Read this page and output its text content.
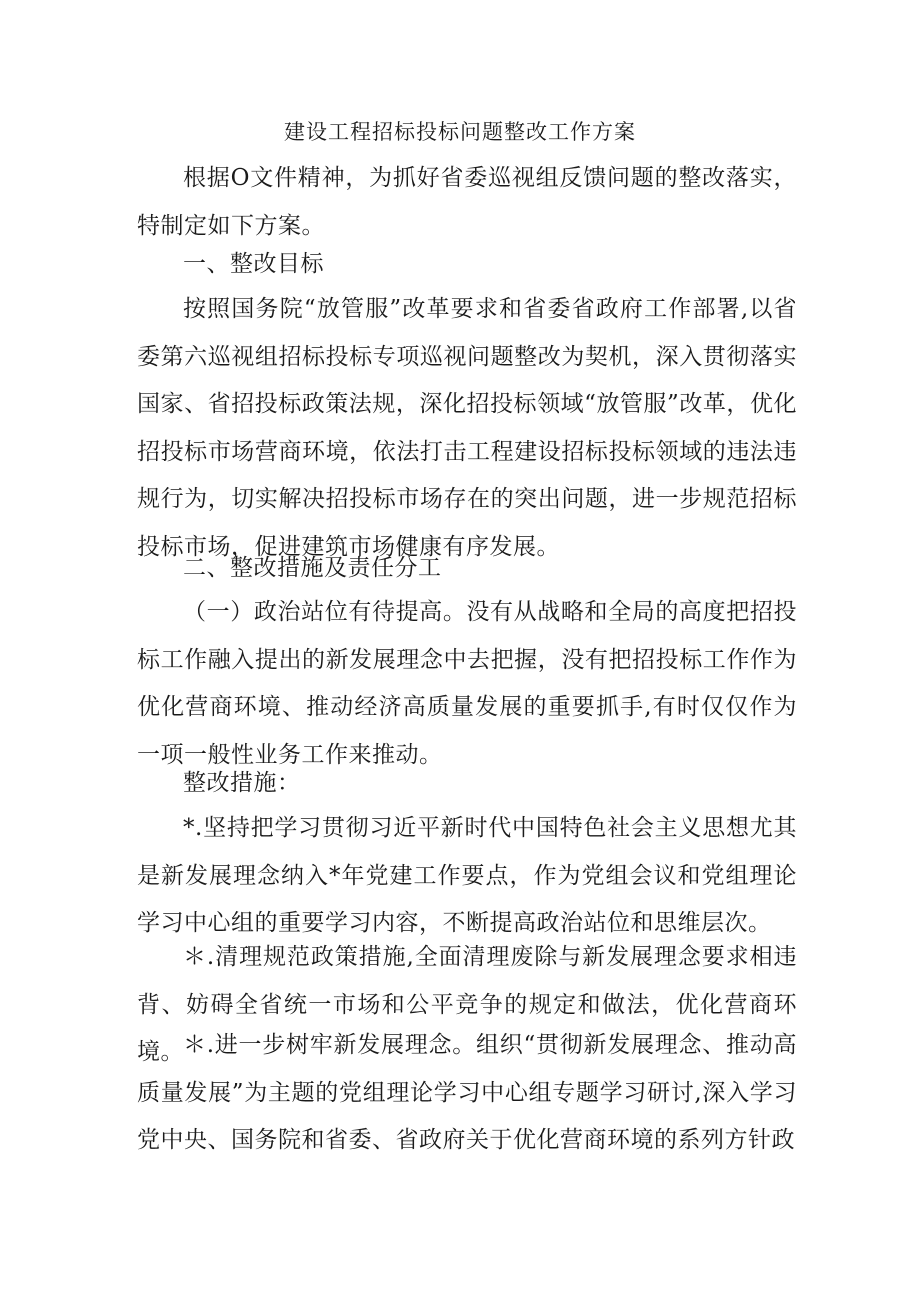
建设工程招标投标问题整改工作方案
根据O文件精神，为抓好省委巡视组反馈问题的整改落实，特制定如下方案。
一、整改目标
按照国务院“放管服”改革要求和省委省政府工作部署,以省委第六巡视组招标投标专项巡视问题整改为契机，深入贯彻落实国家、省招投标政策法规，深化招投标领域“放管服”改革，优化招投标市场营商环境，依法打击工程建设招标投标领域的违法违规行为，切实解决招投标市场存在的突出问题，进一步规范招标投标市场，促进建筑市场健康有序发展。
二、整改措施及责任分工
（一）政治站位有待提高。没有从战略和全局的高度把招投标工作融入提出的新发展理念中去把握，没有把招投标工作作为优化营商环境、推动经济高质量发展的重要抓手,有时仅仅作为一项一般性业务工作来推动。
整改措施：
*.坚持把学习贯彻习近平新时代中国特色社会主义思想尤其是新发展理念纳入*年党建工作要点，作为党组会议和党组理论学习中心组的重要学习内容，不断提高政治站位和思维层次。
＊.清理规范政策措施,全面清理废除与新发展理念要求相违背、妨碍全省统一市场和公平竞争的规定和做法，优化营商环境。 ＊.进一步树牢新发展理念。组织“贯彻新发展理念、推动高质量发展”为主题的党组理论学习中心组专题学习研讨,深入学习党中央、国务院和省委、省政府关于优化营商环境的系列方针政
